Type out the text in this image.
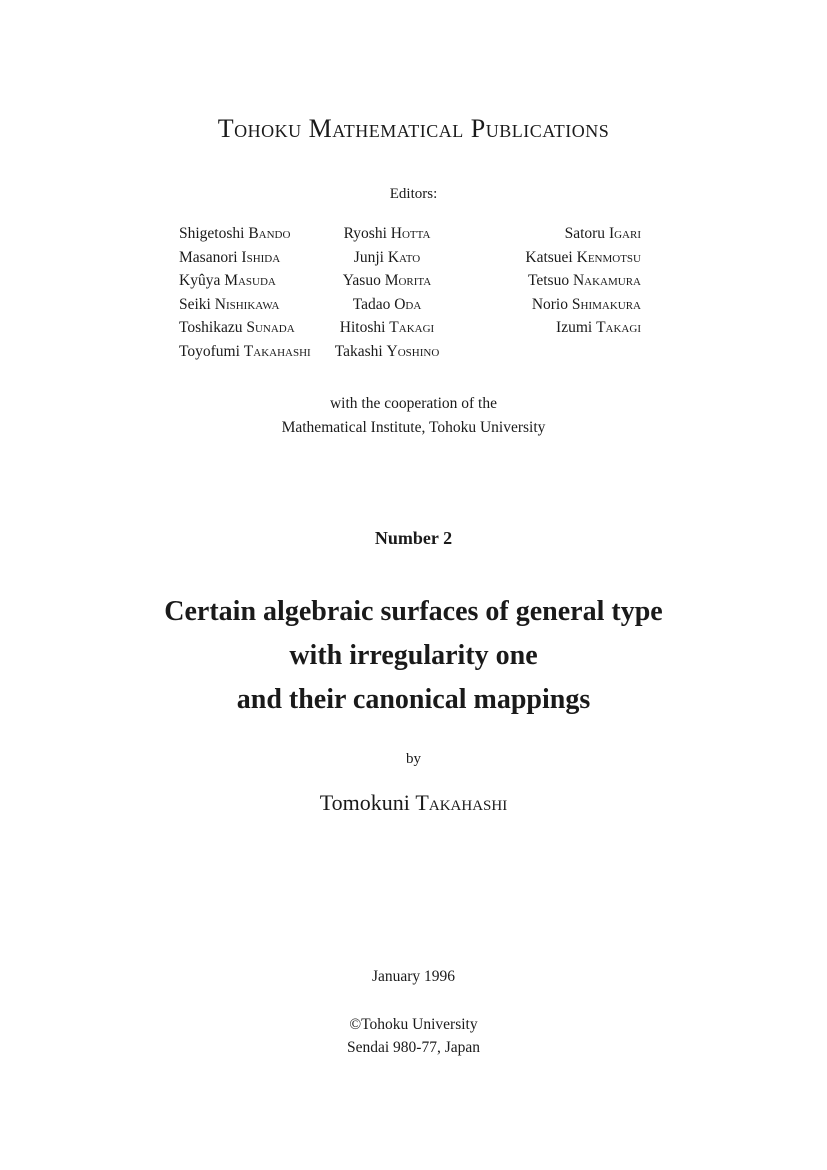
Tohoku Mathematical Publications
Editors:
Shigetoshi Bando	Ryoshi Hotta	Satoru Igari
Masanori Ishida	Junji Kato	Katsuei Kenmotsu
Kyûya Masuda	Yasuo Morita	Tetsuo Nakamura
Seiki Nishikawa	Tadao Oda	Norio Shimakura
Toshikazu Sunada	Hitoshi Takagi	Izumi Takagi
Toyofumi Takahashi	Takashi Yoshino
with the cooperation of the
Mathematical Institute, Tohoku University
Number 2
Certain algebraic surfaces of general type
with irregularity one
and their canonical mappings
by
Tomokuni Takahashi
January 1996
©Tohoku University
Sendai 980-77, Japan
